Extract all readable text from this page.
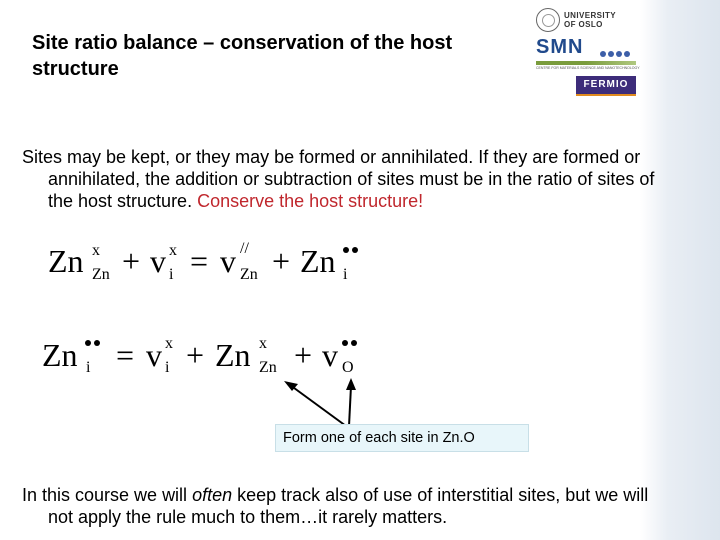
Site ratio balance – conservation of the host structure
UNIVERSITY
OF OSLO
SMN
CENTRE FOR MATERIALS SCIENCE AND NANOTECHNOLOGY
FERMIO

Sites may be kept, or they may be formed or annihilated. If they are formed or annihilated, the addition or subtraction of sites must be in the ratio of sites of the host structure. Conserve the host structure!

Zn x
Zn + v x
i = v //
Zn + Zn i
Zn i = v x
i + Zn x
Zn + v O
Form one of each site in Zn.O

In this course we will often keep track also of use of interstitial sites, but we will not apply the rule much to them…it rarely matters.
